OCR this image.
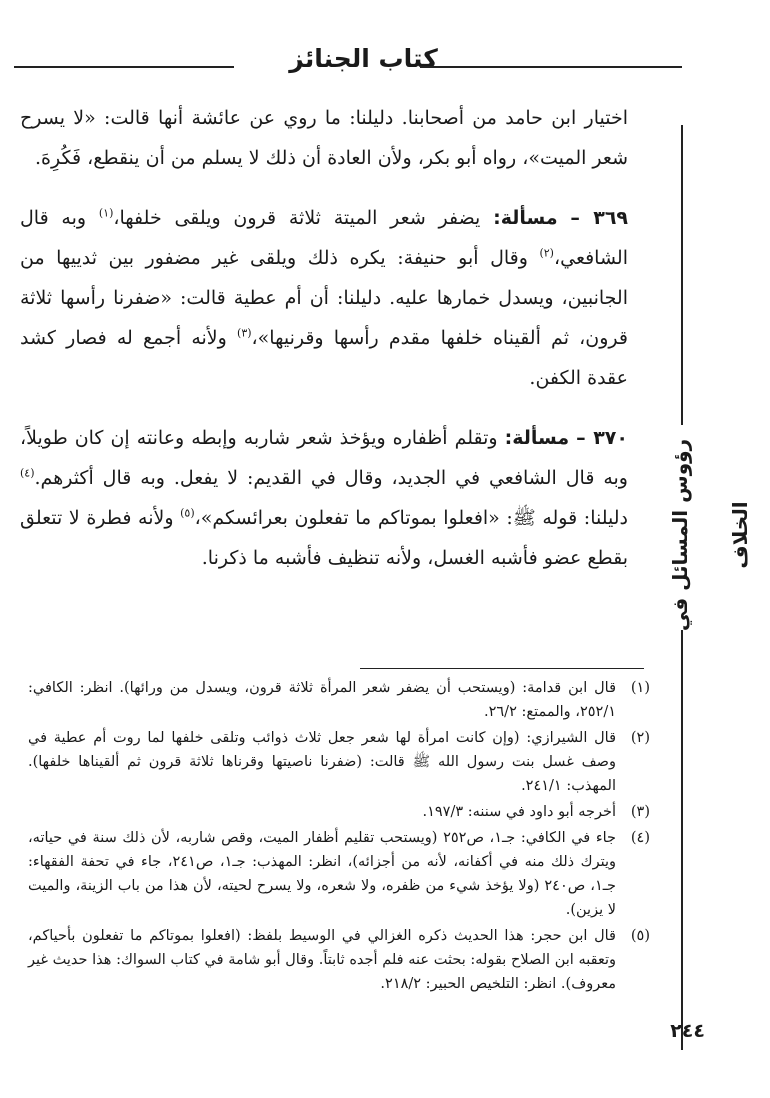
كتاب الجنائز
رؤوس المسائل في الخلاف

اختيار ابن حامد من أصحابنا. دليلنا: ما روي عن عائشة أنها قالت: «لا يسرح شعر الميت»، رواه أبو بكر، ولأن العادة أن ذلك لا يسلم من أن ينقطع، فَكُرِهَ.

٣٦٩ – مسألة: يضفر شعر الميتة ثلاثة قرون ويلقى خلفها،$^{(١)}$ وبه قال الشافعي،$^{(٢)}$ وقال أبو حنيفة: يكره ذلك ويلقى غير مضفور بين ثدييها من الجانبين، ويسدل خمارها عليه. دليلنا: أن أم عطية قالت: «ضفرنا رأسها ثلاثة قرون، ثم ألقيناه خلفها مقدم رأسها وقرنيها»،$^{(٣)}$ ولأنه أجمع له فصار كشد عقدة الكفن.

٣٧٠ – مسألة: وتقلم أظفاره ويؤخذ شعر شاربه وإبطه وعانته إن كان طويلاً، وبه قال الشافعي في الجديد، وقال في القديم: لا يفعل. وبه قال أكثرهم.$^{(٤)}$ دليلنا: قوله ﷺ: «افعلوا بموتاكم ما تفعلون بعرائسكم»،$^{(٥)}$ ولأنه فطرة لا تتعلق بقطع عضو فأشبه الغسل، ولأنه تنظيف فأشبه ما ذكرنا.

(١)
قال ابن قدامة: (ويستحب أن يضفر شعر المرأة ثلاثة قرون، ويسدل من ورائها). انظر: الكافي: ٢٥٢/١، والممتع: ٢٦/٢.
(٢)
قال الشيرازي: (وإن كانت امرأة لها شعر جعل ثلاث ذوائب وتلقى خلفها لما روت أم عطية في وصف غسل بنت رسول الله ﷺ قالت: (ضفرنا ناصيتها وقرناها ثلاثة قرون ثم ألقيناها خلفها). المهذب: ٢٤١/١.
(٣)
أخرجه أبو داود في سننه: ١٩٧/٣.
(٤)
جاء في الكافي: جـ١، ص٢٥٢ (ويستحب تقليم أظفار الميت، وقص شاربه، لأن ذلك سنة في حياته، ويترك ذلك منه في أكفانه، لأنه من أجزائه)، انظر: المهذب: جـ١، ص٢٤١، جاء في تحفة الفقهاء: جـ١، ص٢٤٠ (ولا يؤخذ شيء من ظفره، ولا شعره، ولا يسرح لحيته، لأن هذا من باب الزينة، والميت لا يزين).
(٥)
قال ابن حجر: هذا الحديث ذكره الغزالي في الوسيط بلفظ: (افعلوا بموتاكم ما تفعلون بأحياكم، وتعقبه ابن الصلاح بقوله: بحثت عنه فلم أجده ثابتاً. وقال أبو شامة في كتاب السواك: هذا حديث غير معروف). انظر: التلخيص الحبير: ٢١٨/٢.
٢٤٤
